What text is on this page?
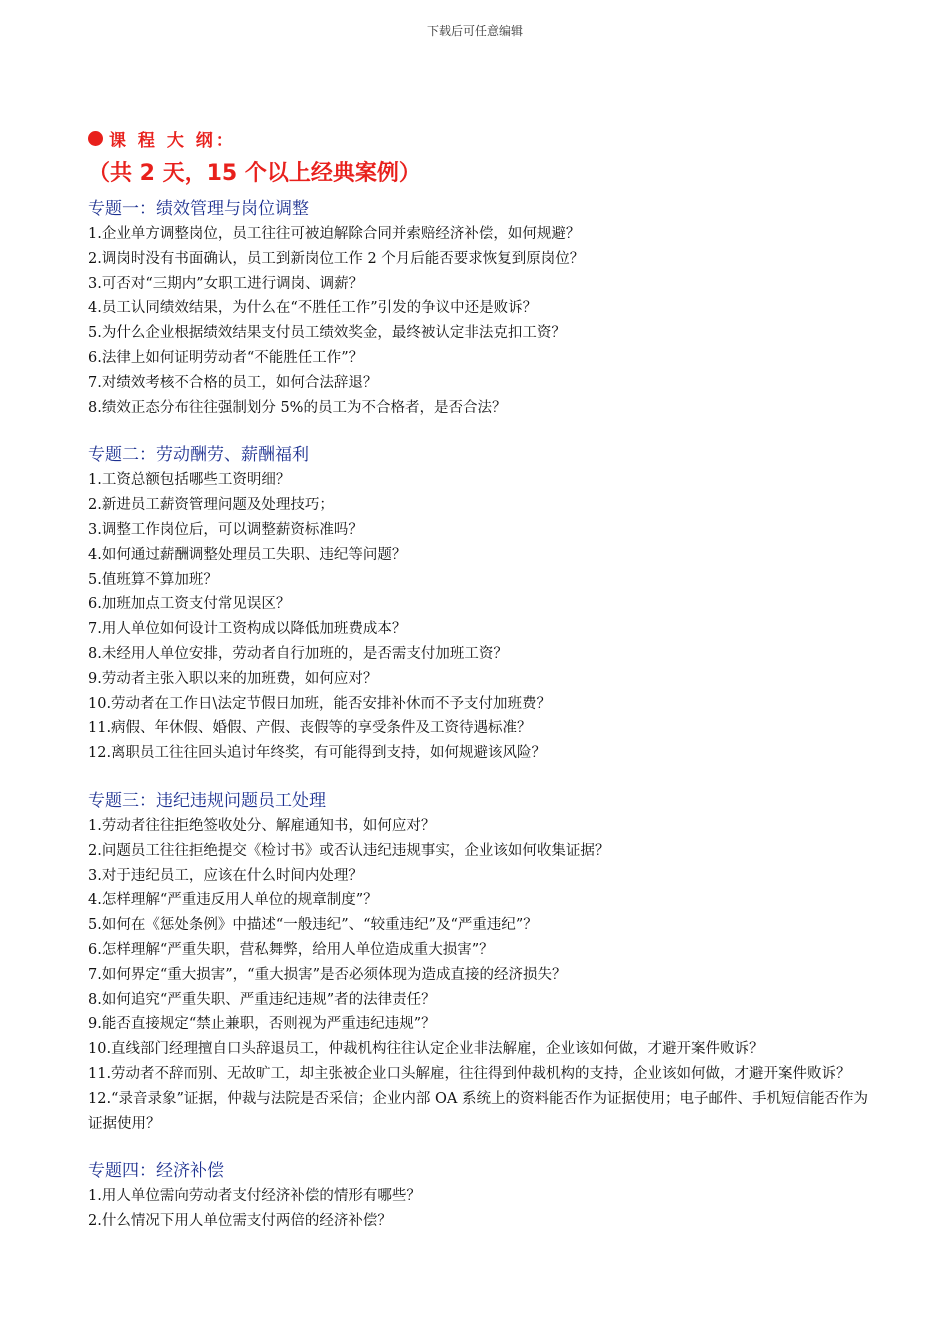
下载后可任意编辑
课 程 大 纲：
（共 2 天，15 个以上经典案例）
专题一：绩效管理与岗位调整
1.企业单方调整岗位，员工往往可被迫解除合同并索赔经济补偿，如何规避？
2.调岗时没有书面确认，员工到新岗位工作 2 个月后能否要求恢复到原岗位？
3.可否对“三期内”女职工进行调岗、调薪？
4.员工认同绩效结果，为什么在“不胜任工作”引发的争议中还是败诉？
5.为什么企业根据绩效结果支付员工绩效奖金，最终被认定非法克扣工资？
6.法律上如何证明劳动者“不能胜任工作”？
7.对绩效考核不合格的员工，如何合法辞退？
8.绩效正态分布往往强制划分 5%的员工为不合格者，是否合法？
专题二：劳动酬劳、薪酬福利
1.工资总额包括哪些工资明细？
2.新进员工薪资管理问题及处理技巧；
3.调整工作岗位后，可以调整薪资标准吗？
4.如何通过薪酬调整处理员工失职、违纪等问题？
5.值班算不算加班？
6.加班加点工资支付常见误区？
7.用人单位如何设计工资构成以降低加班费成本？
8.未经用人单位安排，劳动者自行加班的，是否需支付加班工资？
9.劳动者主张入职以来的加班费，如何应对？
10.劳动者在工作日\法定节假日加班，能否安排补休而不予支付加班费？
11.病假、年休假、婚假、产假、丧假等的享受条件及工资待遇标准？
12.离职员工往往回头追讨年终奖，有可能得到支持，如何规避该风险？
专题三：违纪违规问题员工处理
1.劳动者往往拒绝签收处分、解雇通知书，如何应对？
2.问题员工往往拒绝提交《检讨书》或否认违纪违规事实，企业该如何收集证据？
3.对于违纪员工，应该在什么时间内处理？
4.怎样理解“严重违反用人单位的规章制度”？
5.如何在《惩处条例》中描述“一般违纪”、“较重违纪”及“严重违纪”？
6.怎样理解“严重失职，营私舞弊，给用人单位造成重大损害”？
7.如何界定“重大损害”，“重大损害”是否必须体现为造成直接的经济损失？
8.如何追究“严重失职、严重违纪违规”者的法律责任？
9.能否直接规定“禁止兼职，否则视为严重违纪违规”？
10.直线部门经理擅自口头辞退员工，仲裁机构往往认定企业非法解雇，企业该如何做，才避开案件败诉？
11.劳动者不辞而别、无故旷工，却主张被企业口头解雇，往往得到仲裁机构的支持，企业该如何做，才避开案件败诉？
12.“录音录象”证据，仲裁与法院是否采信；企业内部 OA 系统上的资料能否作为证据使用；电子邮件、手机短信能否作为证据使用？
专题四：经济补偿
1.用人单位需向劳动者支付经济补偿的情形有哪些？
2.什么情况下用人单位需支付两倍的经济补偿？
